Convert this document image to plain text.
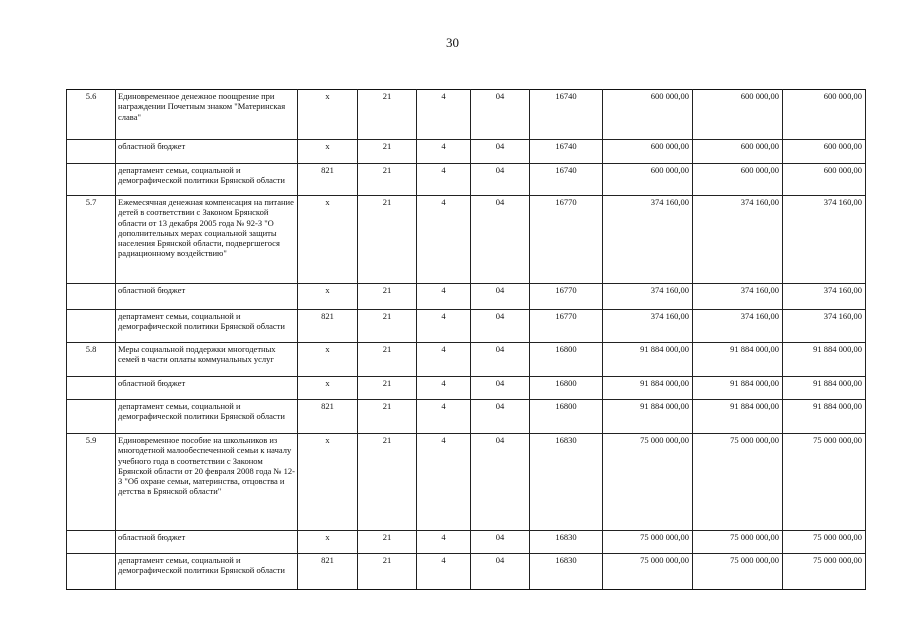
30
5.6	Единовременное денежное поощрение при награждении Почетным знаком "Материнская слава"	х	21	4	04	16740	600 000,00	600 000,00	600 000,00
	областной бюджет	х	21	4	04	16740	600 000,00	600 000,00	600 000,00
	департамент семьи, социальной и демографической политики Брянской области	821	21	4	04	16740	600 000,00	600 000,00	600 000,00
5.7	Ежемесячная денежная компенсация на питание детей в соответствии с Законом Брянской области от 13 декабря 2005 года № 92-З "О дополнительных мерах социальной защиты населения Брянской области, подвергшегося радиационному воздействию"	х	21	4	04	16770	374 160,00	374 160,00	374 160,00
	областной бюджет	х	21	4	04	16770	374 160,00	374 160,00	374 160,00
	департамент семьи, социальной и демографической политики Брянской области	821	21	4	04	16770	374 160,00	374 160,00	374 160,00
5.8	Меры социальной поддержки многодетных семей в части оплаты коммунальных услуг	х	21	4	04	16800	91 884 000,00	91 884 000,00	91 884 000,00
	областной бюджет	х	21	4	04	16800	91 884 000,00	91 884 000,00	91 884 000,00
	департамент семьи, социальной и демографической политики Брянской области	821	21	4	04	16800	91 884 000,00	91 884 000,00	91 884 000,00
5.9	Единовременное пособие на школьников из многодетной малообеспеченной семьи к началу учебного года в соответствии с Законом Брянской области от 20 февраля 2008 года № 12-З "Об охране семьи, материнства, отцовства и детства в Брянской области"	х	21	4	04	16830	75 000 000,00	75 000 000,00	75 000 000,00
	областной бюджет	х	21	4	04	16830	75 000 000,00	75 000 000,00	75 000 000,00
	департамент семьи, социальной и демографической политики Брянской области	821	21	4	04	16830	75 000 000,00	75 000 000,00	75 000 000,00
